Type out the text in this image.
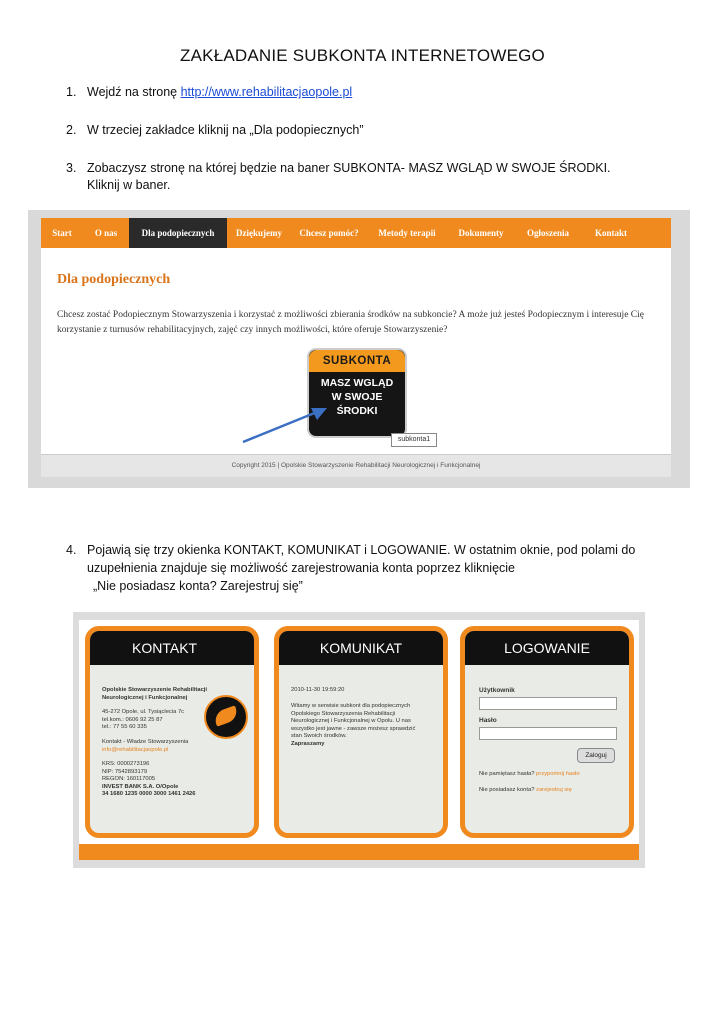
ZAKŁADANIE SUBKONTA INTERNETOWEGO
1. Wejdź na stronę http://www.rehabilitacjaopole.pl
2. W trzeciej zakładce kliknij na „Dla podopiecznych”
3. Zobaczysz stronę na której będzie na baner SUBKONTA- MASZ WGLĄD W SWOJE ŚRODKI.
Kliknij w baner.
Start	O nas	Dla podopiecznych	Dziękujemy	Chcesz pomóc?	Metody terapii	Dokumenty	Ogłoszenia	Kontakt
Dla podopiecznych
Chcesz zostać Podopiecznym Stowarzyszenia i korzystać z możliwości zbierania środków na subkoncie? A może już jesteś Podopiecznym i interesuje Cię korzystanie z turnusów rehabilitacyjnych, zajęć czy innych możliwości, które oferuje Stowarzyszenie?
SUBKONTA
MASZ WGLĄD
W SWOJE
ŚRODKI
subkonta1
Copyright 2015 | Opolskie Stowarzyszenie Rehabilitacji Neurologicznej i Funkcjonalnej
4. Pojawią się trzy okienka KONTAKT, KOMUNIKAT i LOGOWANIE. W ostatnim oknie, pod polami do
uzupełnienia znajduje się możliwość zarejestrowania konta poprzez kliknięcie
„Nie posiadasz konta? Zarejestruj się”
KONTAKT
Opolskie Stowarzyszenie Rehabilitacji
Neurologicznej i Funkcjonalnej
45-272 Opole, ul. Tysiąclecia 7c
tel.kom.: 0606 92 25 87
tel.: 77 55 60 335
Kontakt - Władze Stowarzyszenia
info@rehabilitacjaopole.pl
KRS: 0000273196
NIP: 7542893179
REGON: 160117005
INVEST BANK S.A. O/Opole
34 1680 1235 0000 3000 1461 2426
KOMUNIKAT
2010-11-30 19:59:20
Witamy w serwisie subkont dla podopiecznych
Opolskiego Stowarzyszenia Rehabilitacji
Neurologicznej i Funkcjonalnej w Opolu. U nas
wszystko jest jawne - zawsze możesz sprawdzić
stan Swoich środków.
Zapraszamy
LOGOWANIE
Użytkownik
Hasło
Zaloguj
Nie pamiętasz hasła? przypomnij hasło
Nie posiadasz konta? zarejestruj się
